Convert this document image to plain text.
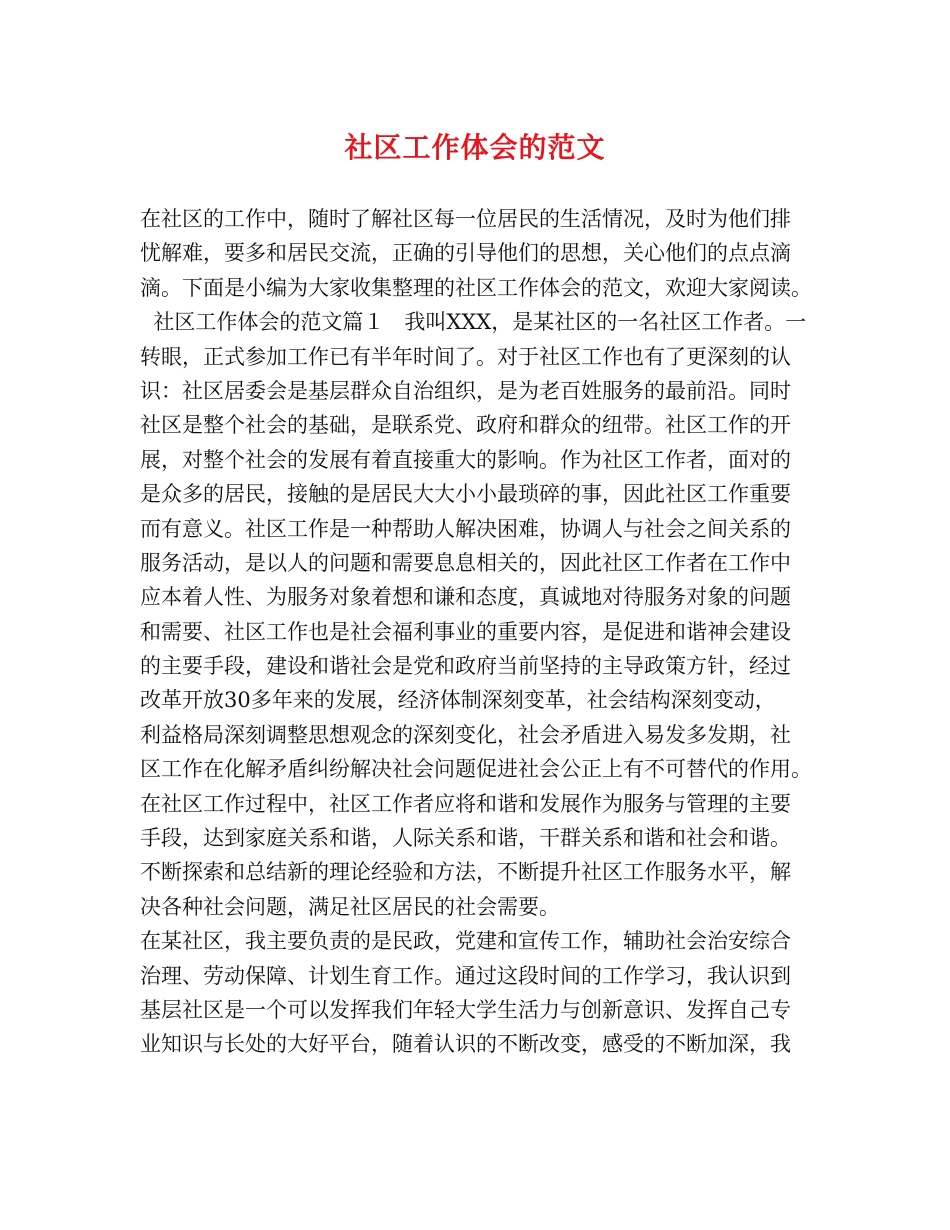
社区工作体会的范文
在社区的工作中，随时了解社区每一位居民的生活情况，及时为他们排
忧解难，要多和居民交流，正确的引导他们的思想，关心他们的点点滴
滴。下面是小编为大家收集整理的社区工作体会的范文，欢迎大家阅读。
社区工作体会的范文篇１   我叫XXX，是某社区的一名社区工作者。一
转眼，正式参加工作已有半年时间了。对于社区工作也有了更深刻的认
识：社区居委会是基层群众自治组织，是为老百姓服务的最前沿。同时
社区是整个社会的基础，是联系党、政府和群众的纽带。社区工作的开
展，对整个社会的发展有着直接重大的影响。作为社区工作者，面对的
是众多的居民，接触的是居民大大小小最琐碎的事，因此社区工作重要
而有意义。社区工作是一种帮助人解决困难，协调人与社会之间关系的
服务活动，是以人的问题和需要息息相关的，因此社区工作者在工作中
应本着人性、为服务对象着想和谦和态度，真诚地对待服务对象的问题
和需要、社区工作也是社会福利事业的重要内容，是促进和谐神会建设
的主要手段，建设和谐社会是党和政府当前坚持的主导政策方针，经过
改革开放30多年来的发展，经济体制深刻变革，社会结构深刻变动，
利益格局深刻调整思想观念的深刻变化，社会矛盾进入易发多发期，社
区工作在化解矛盾纠纷解决社会问题促进社会公正上有不可替代的作用。
在社区工作过程中，社区工作者应将和谐和发展作为服务与管理的主要
手段，达到家庭关系和谐，人际关系和谐，干群关系和谐和社会和谐。
不断探索和总结新的理论经验和方法，不断提升社区工作服务水平，解
决各种社会问题，满足社区居民的社会需要。
在某社区，我主要负责的是民政，党建和宣传工作，辅助社会治安综合
治理、劳动保障、计划生育工作。通过这段时间的工作学习，我认识到
基层社区是一个可以发挥我们年轻大学生活力与创新意识、发挥自己专
业知识与长处的大好平台，随着认识的不断改变，感受的不断加深，我
